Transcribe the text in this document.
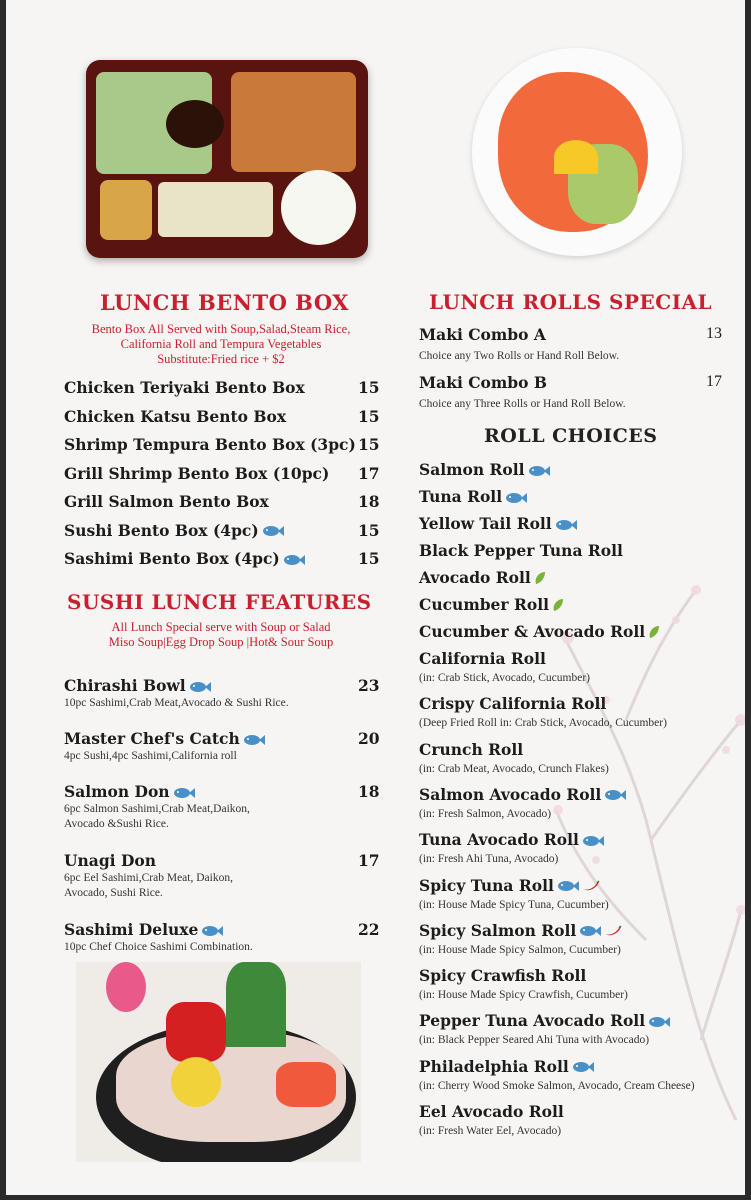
LUNCH BENTO BOX
Bento Box All Served with Soup,Salad,Steam Rice,
California Roll and Tempura Vegetables
Substitute:Fried rice + $2
Chicken Teriyaki Bento Box	15
Chicken Katsu Bento Box	15
Shrimp Tempura Bento Box (3pc) 15
Grill Shrimp Bento Box (10pc) 17
Grill Salmon Bento Box	18
Sushi Bento Box (4pc)	15
Sashimi Bento Box (4pc)	15
SUSHI LUNCH FEATURES
All Lunch Special serve with Soup or Salad
Miso Soup|Egg Drop Soup |Hot& Sour Soup
Chirashi Bowl	23
10pc Sashimi,Crab Meat,Avocado & Sushi Rice.
Master Chef's Catch	20
4pc Sushi,4pc Sashimi,California roll
Salmon Don	18
6pc Salmon Sashimi,Crab Meat,Daikon,
Avocado &Sushi Rice.
Unagi Don	17
6pc Eel Sashimi,Crab Meat, Daikon,
Avocado, Sushi Rice.
Sashimi Deluxe	22
10pc Chef Choice Sashimi Combination.
LUNCH ROLLS SPECIAL
Maki Combo A	13
Choice any Two Rolls or Hand Roll Below.
Maki Combo B	17
Choice any Three Rolls or Hand Roll Below.
ROLL CHOICES
Salmon Roll
Tuna Roll
Yellow Tail Roll
Black Pepper Tuna Roll
Avocado Roll
Cucumber Roll
Cucumber & Avocado Roll
California Roll
(in: Crab Stick, Avocado, Cucumber)
Crispy California Roll
(Deep Fried Roll in: Crab Stick, Avocado, Cucumber)
Crunch Roll
(in: Crab Meat, Avocado, Crunch Flakes)
Salmon Avocado Roll
(in: Fresh Salmon, Avocado)
Tuna Avocado Roll
(in: Fresh Ahi Tuna, Avocado)
Spicy Tuna Roll
(in: House Made Spicy Tuna, Cucumber)
Spicy Salmon Roll
(in: House Made Spicy Salmon, Cucumber)
Spicy Crawfish Roll
(in: House Made Spicy Crawfish, Cucumber)
Pepper Tuna Avocado Roll
(in: Black Pepper Seared Ahi Tuna with Avocado)
Philadelphia Roll
(in: Cherry Wood Smoke Salmon, Avocado, Cream Cheese)
Eel Avocado Roll
(in: Fresh Water Eel, Avocado)
